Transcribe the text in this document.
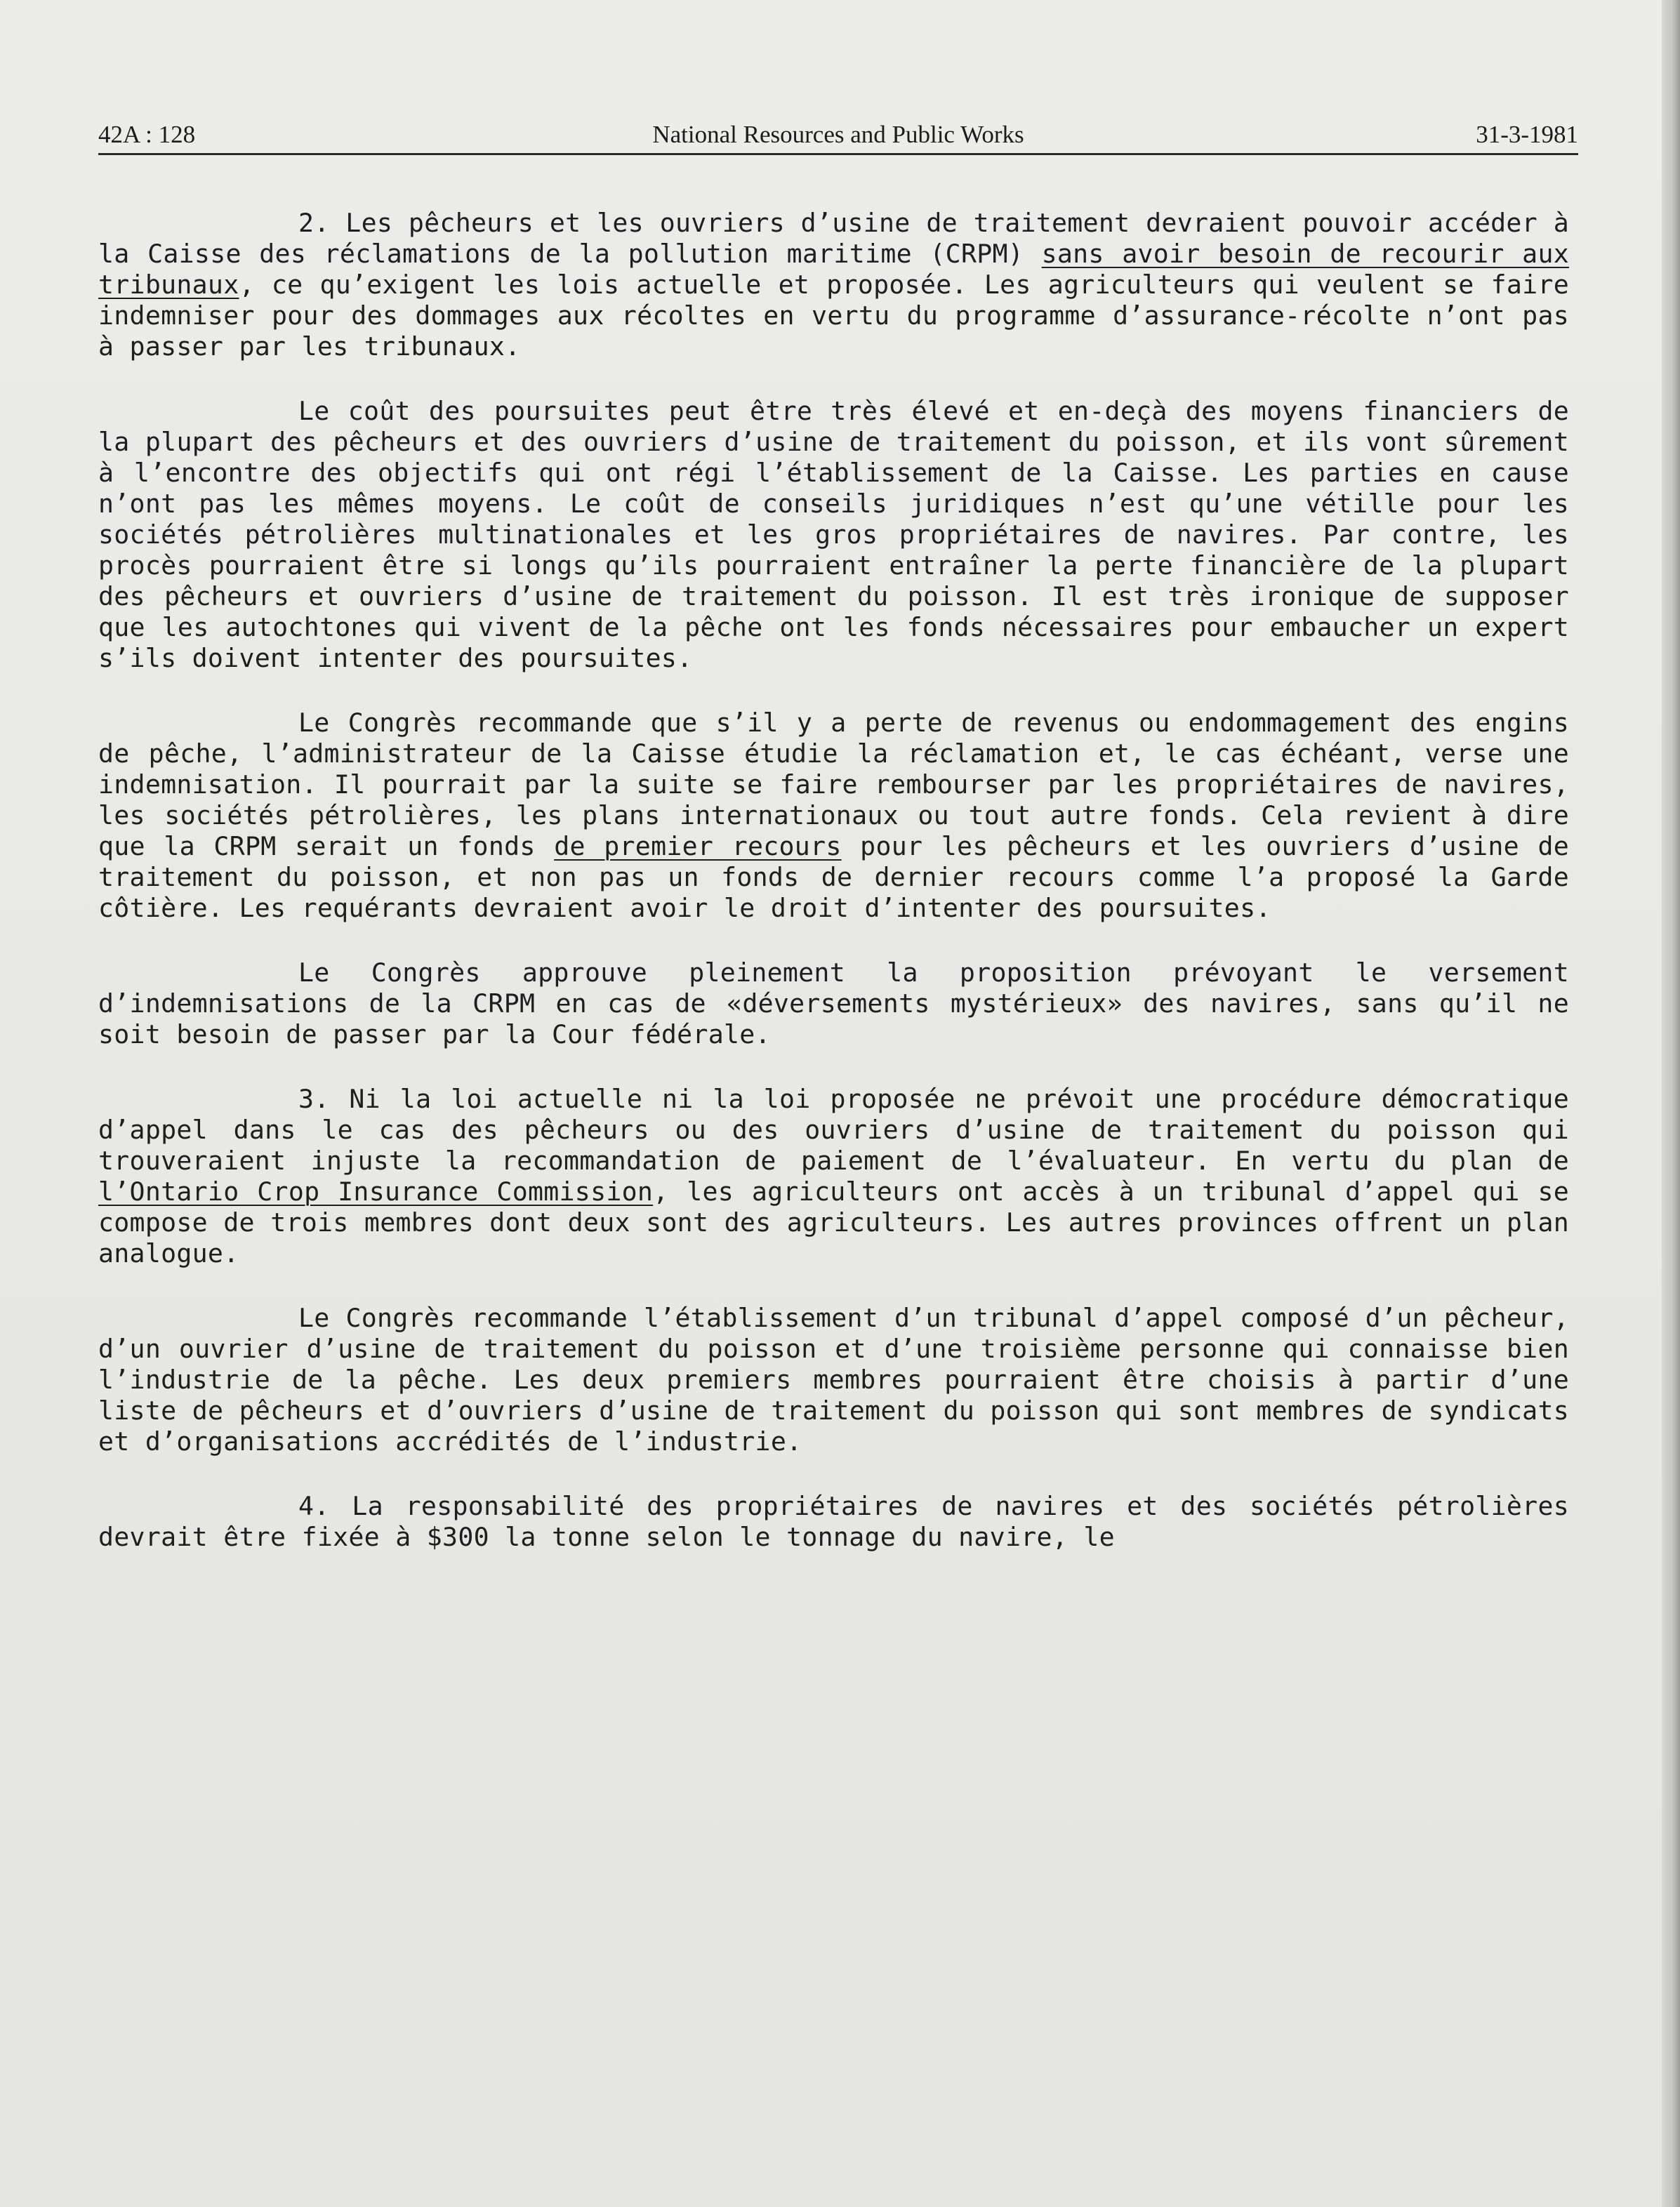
42A : 128	National Resources and Public Works	31-3-1981

2. Les pêcheurs et les ouvriers d’usine de traitement devraient pouvoir accéder à la Caisse des réclamations de la pollution maritime (CRPM) sans avoir besoin de recourir aux tribunaux, ce qu’exigent les lois actuelle et proposée. Les agriculteurs qui veulent se faire indemniser pour des dommages aux récoltes en vertu du programme d’assurance-récolte n’ont pas à passer par les tribunaux.

Le coût des poursuites peut être très élevé et en-deçà des moyens financiers de la plupart des pêcheurs et des ouvriers d’usine de traitement du poisson, et ils vont sûrement à l’encontre des objectifs qui ont régi l’établissement de la Caisse. Les parties en cause n’ont pas les mêmes moyens. Le coût de conseils juridiques n’est qu’une vétille pour les sociétés pétrolières multinationales et les gros propriétaires de navires. Par contre, les procès pourraient être si longs qu’ils pourraient entraîner la perte financière de la plupart des pêcheurs et ouvriers d’usine de traitement du poisson. Il est très ironique de supposer que les autochtones qui vivent de la pêche ont les fonds nécessaires pour embaucher un expert s’ils doivent intenter des poursuites.

Le Congrès recommande que s’il y a perte de revenus ou endommagement des engins de pêche, l’administrateur de la Caisse étudie la réclamation et, le cas échéant, verse une indemnisation. Il pourrait par la suite se faire rembourser par les propriétaires de navires, les sociétés pétrolières, les plans internationaux ou tout autre fonds. Cela revient à dire que la CRPM serait un fonds de premier recours pour les pêcheurs et les ouvriers d’usine de traitement du poisson, et non pas un fonds de dernier recours comme l’a proposé la Garde côtière. Les requérants devraient avoir le droit d’intenter des poursuites.

Le Congrès approuve pleinement la proposition prévoyant le versement d’indemnisations de la CRPM en cas de «déversements mystérieux» des navires, sans qu’il ne soit besoin de passer par la Cour fédérale.

3. Ni la loi actuelle ni la loi proposée ne prévoit une procédure démocratique d’appel dans le cas des pêcheurs ou des ouvriers d’usine de traitement du poisson qui trouveraient injuste la recommandation de paiement de l’évaluateur. En vertu du plan de l’Ontario Crop Insurance Commission, les agriculteurs ont accès à un tribunal d’appel qui se compose de trois membres dont deux sont des agriculteurs. Les autres provinces offrent un plan analogue.

Le Congrès recommande l’établissement d’un tribunal d’appel composé d’un pêcheur, d’un ouvrier d’usine de traitement du poisson et d’une troisième personne qui connaisse bien l’industrie de la pêche. Les deux premiers membres pourraient être choisis à partir d’une liste de pêcheurs et d’ouvriers d’usine de traitement du poisson qui sont membres de syndicats et d’organisations accrédités de l’industrie.

4. La responsabilité des propriétaires de navires et des sociétés pétrolières devrait être fixée à $300 la tonne selon le tonnage du navire, le
